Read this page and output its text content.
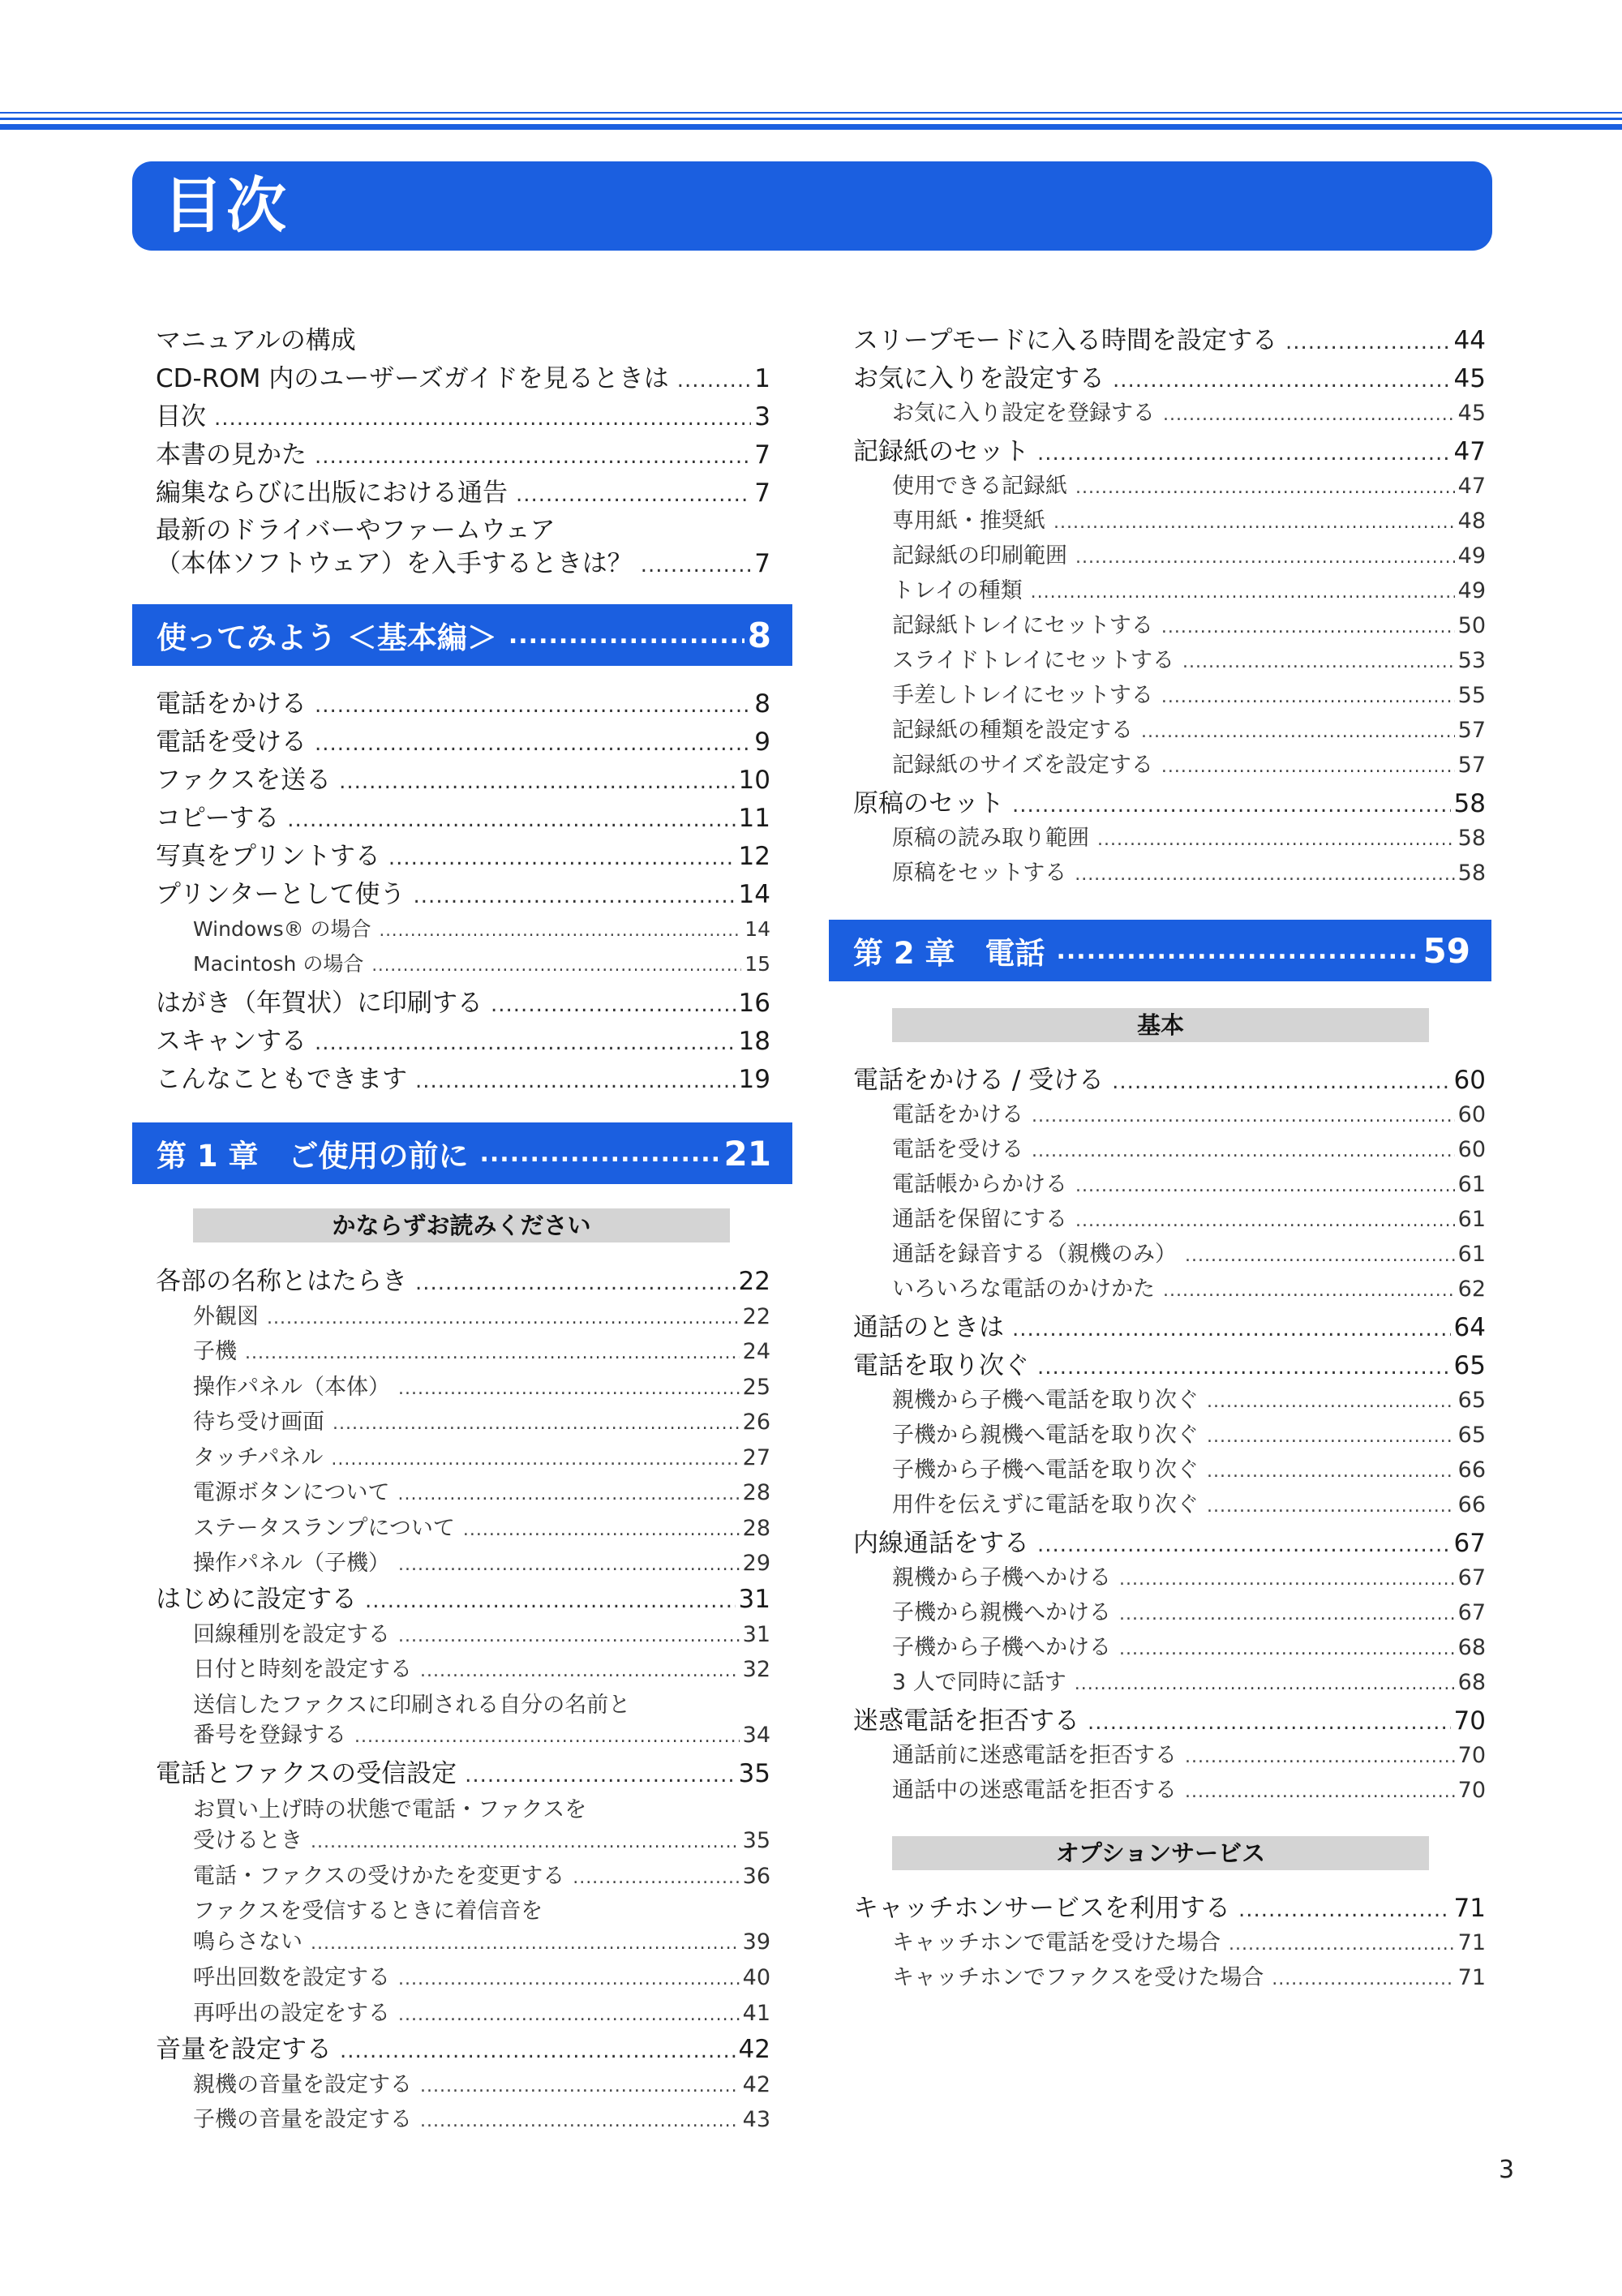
目次
マニュアルの構成
CD-ROM 内のユーザーズガイドを見るときは .....	1
目次 .....	3
本書の見かた .....	7
編集ならびに出版における通告 .....	7
最新のドライバーやファームウェア
（本体ソフトウェア）を入手するときは？ .....	7
使ってみよう ＜基本編＞ .....	8
電話をかける .....	8
電話を受ける .....	9
ファクスを送る .....	10
コピーする .....	11
写真をプリントする .....	12
プリンターとして使う .....	14
Windows® の場合 .....	14
Macintosh の場合 .....	15
はがき（年賀状）に印刷する .....	16
スキャンする .....	18
こんなこともできます .....	19
第 1 章　ご使用の前に .....	21
かならずお読みください
各部の名称とはたらき .....	22
外観図 .....	22
子機 .....	24
操作パネル（本体） .....	25
待ち受け画面 .....	26
タッチパネル .....	27
電源ボタンについて .....	28
ステータスランプについて .....	28
操作パネル（子機） .....	29
はじめに設定する .....	31
回線種別を設定する .....	31
日付と時刻を設定する .....	32
送信したファクスに印刷される自分の名前と
番号を登録する .....	34
電話とファクスの受信設定 .....	35
お買い上げ時の状態で電話・ファクスを
受けるとき .....	35
電話・ファクスの受けかたを変更する .....	36
ファクスを受信するときに着信音を
鳴らさない .....	39
呼出回数を設定する .....	40
再呼出の設定をする .....	41
音量を設定する .....	42
親機の音量を設定する .....	42
子機の音量を設定する .....	43
スリープモードに入る時間を設定する .....	44
お気に入りを設定する .....	45
お気に入り設定を登録する .....	45
記録紙のセット .....	47
使用できる記録紙 .....	47
専用紙・推奨紙 .....	48
記録紙の印刷範囲 .....	49
トレイの種類 .....	49
記録紙トレイにセットする .....	50
スライドトレイにセットする .....	53
手差しトレイにセットする .....	55
記録紙の種類を設定する .....	57
記録紙のサイズを設定する .....	57
原稿のセット .....	58
原稿の読み取り範囲 .....	58
原稿をセットする .....	58
第 2 章　電話 .....	59
基本
電話をかける / 受ける .....	60
電話をかける .....	60
電話を受ける .....	60
電話帳からかける .....	61
通話を保留にする .....	61
通話を録音する（親機のみ） .....	61
いろいろな電話のかけかた .....	62
通話のときは .....	64
電話を取り次ぐ .....	65
親機から子機へ電話を取り次ぐ .....	65
子機から親機へ電話を取り次ぐ .....	65
子機から子機へ電話を取り次ぐ .....	66
用件を伝えずに電話を取り次ぐ .....	66
内線通話をする .....	67
親機から子機へかける .....	67
子機から親機へかける .....	67
子機から子機へかける .....	68
3 人で同時に話す .....	68
迷惑電話を拒否する .....	70
通話前に迷惑電話を拒否する .....	70
通話中の迷惑電話を拒否する .....	70
オプションサービス
キャッチホンサービスを利用する .....	71
キャッチホンで電話を受けた場合 .....	71
キャッチホンでファクスを受けた場合 .....	71
3
